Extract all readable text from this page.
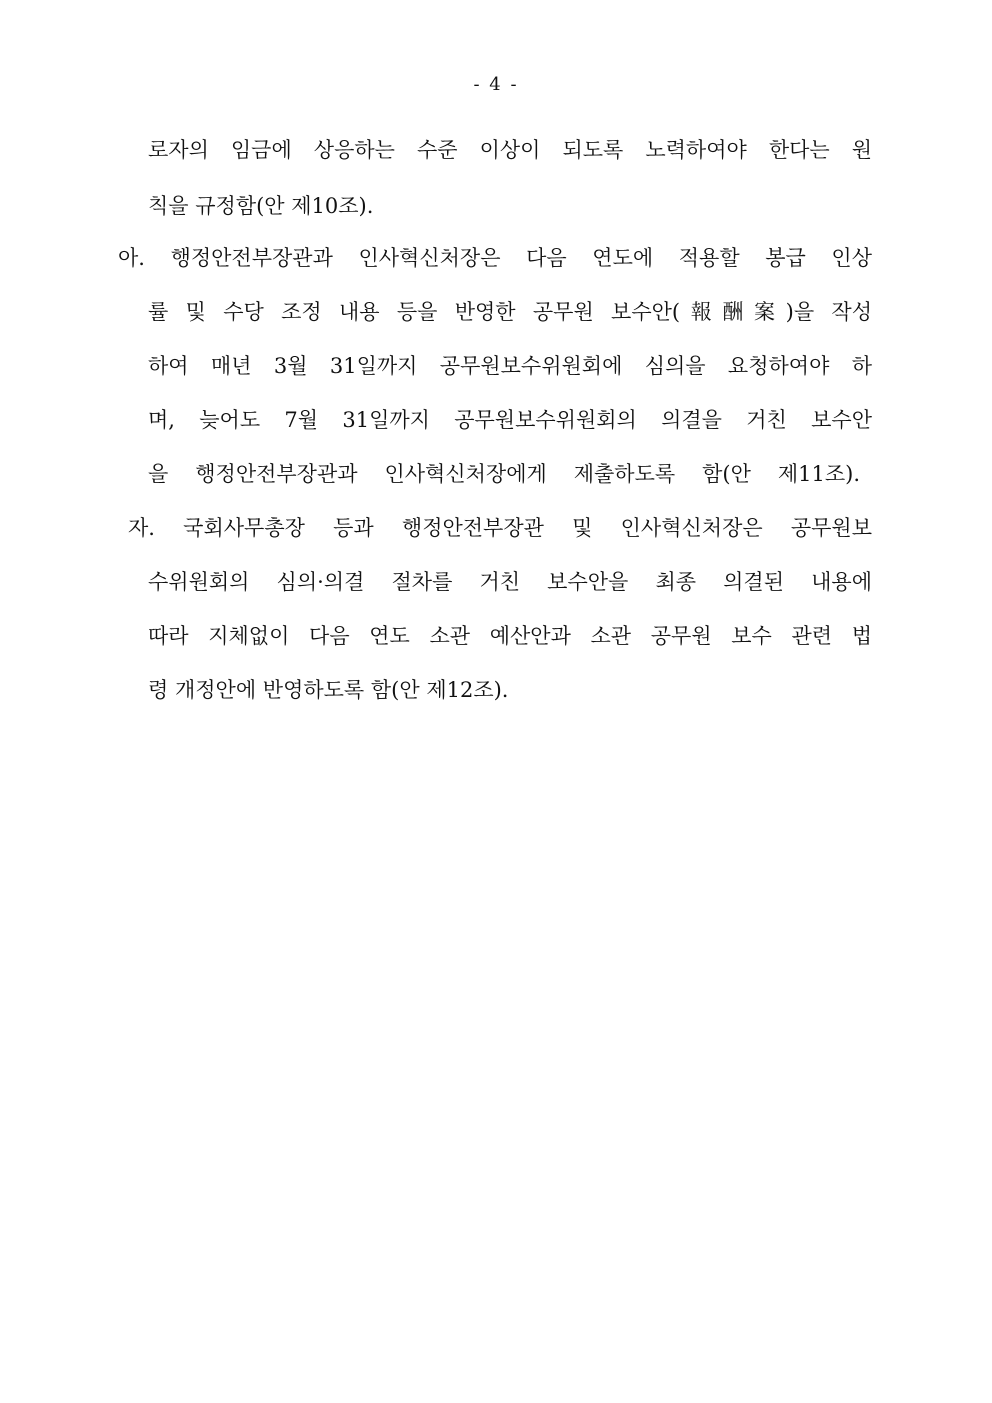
- 4 -
로자의 임금에 상응하는 수준 이상이 되도록 노력하여야 한다는 원
칙을 규정함(안 제10조).
아. 행정안전부장관과 인사혁신처장은 다음 연도에 적용할 봉급 인상
률 및 수당 조정 내용 등을 반영한 공무원 보수안(報酬案)을 작성
하여 매년 3월 31일까지 공무원보수위원회에 심의을 요청하여야 하
며, 늦어도 7월 31일까지 공무원보수위원회의 의결을 거친 보수안
을 행정안전부장관과 인사혁신처장에게 제출하도록 함(안 제11조).
자. 국회사무총장 등과 행정안전부장관 및 인사혁신처장은 공무원보
수위원회의 심의·의결 절차를 거친 보수안을 최종 의결된 내용에
따라 지체없이 다음 연도 소관 예산안과 소관 공무원 보수 관련 법
령 개정안에 반영하도록 함(안 제12조).
